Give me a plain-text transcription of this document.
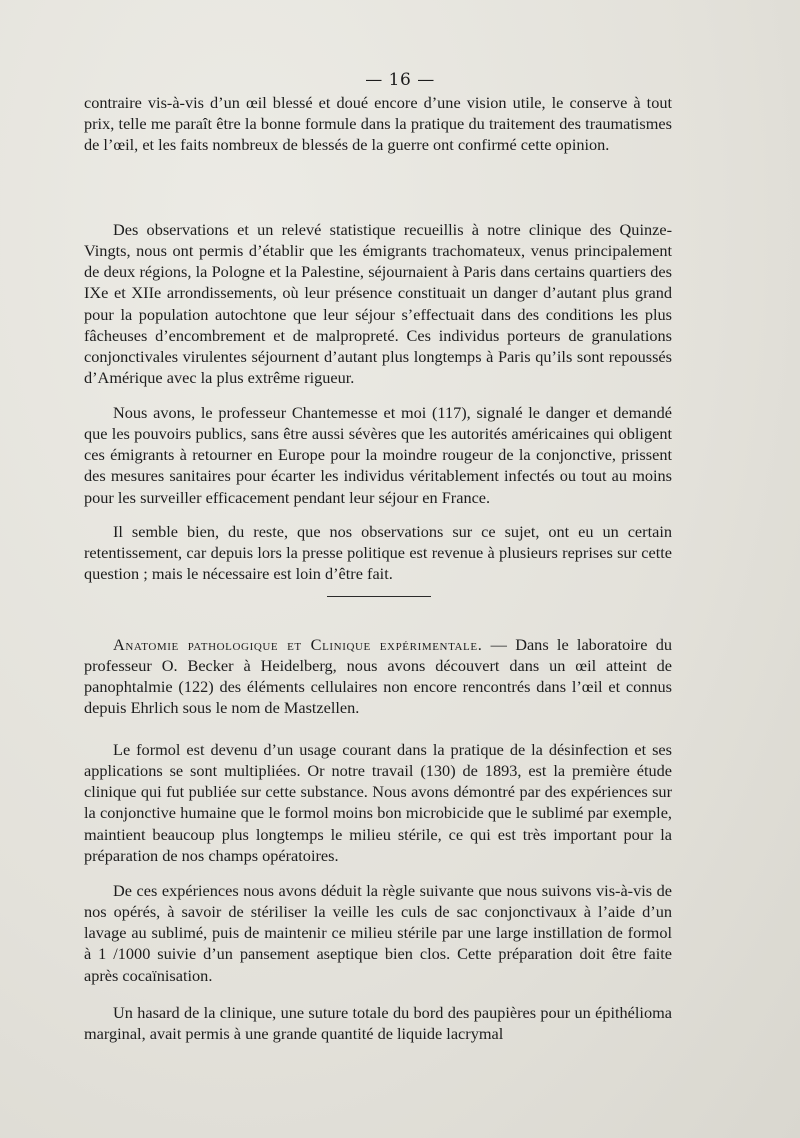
— 16 —

contraire vis-à-vis d’un œil blessé et doué encore d’une vision utile, le conserve à tout prix, telle me paraît être la bonne formule dans la pratique du traitement des traumatismes de l’œil, et les faits nombreux de blessés de la guerre ont confirmé cette opinion.

Des observations et un relevé statistique recueillis à notre clinique des Quinze-Vingts, nous ont permis d’établir que les émigrants trachomateux, venus principalement de deux régions, la Pologne et la Palestine, séjournaient à Paris dans certains quartiers des IXe et XIIe arrondissements, où leur présence constituait un danger d’autant plus grand pour la population autochtone que leur séjour s’effectuait dans des conditions les plus fâcheuses d’encombrement et de malpropreté. Ces individus porteurs de granulations conjonctivales virulentes séjournent d’autant plus longtemps à Paris qu’ils sont repoussés d’Amérique avec la plus extrême rigueur.

Nous avons, le professeur Chantemesse et moi (117), signalé le danger et demandé que les pouvoirs publics, sans être aussi sévères que les autorités américaines qui obligent ces émigrants à retourner en Europe pour la moindre rougeur de la conjonctive, prissent des mesures sanitaires pour écarter les individus véritablement infectés ou tout au moins pour les surveiller efficacement pendant leur séjour en France.

Il semble bien, du reste, que nos observations sur ce sujet, ont eu un certain retentissement, car depuis lors la presse politique est revenue à plusieurs reprises sur cette question ; mais le nécessaire est loin d’être fait.

Anatomie pathologique et Clinique expérimentale. — Dans le laboratoire du professeur O. Becker à Heidelberg, nous avons découvert dans un œil atteint de panophtalmie (122) des éléments cellulaires non encore rencontrés dans l’œil et connus depuis Ehrlich sous le nom de Mastzellen.

Le formol est devenu d’un usage courant dans la pratique de la désinfection et ses applications se sont multipliées. Or notre travail (130) de 1893, est la première étude clinique qui fut publiée sur cette substance. Nous avons démontré par des expériences sur la conjonctive humaine que le formol moins bon microbicide que le sublimé par exemple, maintient beaucoup plus longtemps le milieu stérile, ce qui est très important pour la préparation de nos champs opératoires.

De ces expériences nous avons déduit la règle suivante que nous suivons vis-à-vis de nos opérés, à savoir de stériliser la veille les culs de sac conjonctivaux à l’aide d’un lavage au sublimé, puis de maintenir ce milieu stérile par une large instillation de formol à 1 /1000 suivie d’un pansement aseptique bien clos. Cette préparation doit être faite après cocaïnisation.

Un hasard de la clinique, une suture totale du bord des paupières pour un épithélioma marginal, avait permis à une grande quantité de liquide lacrymal
